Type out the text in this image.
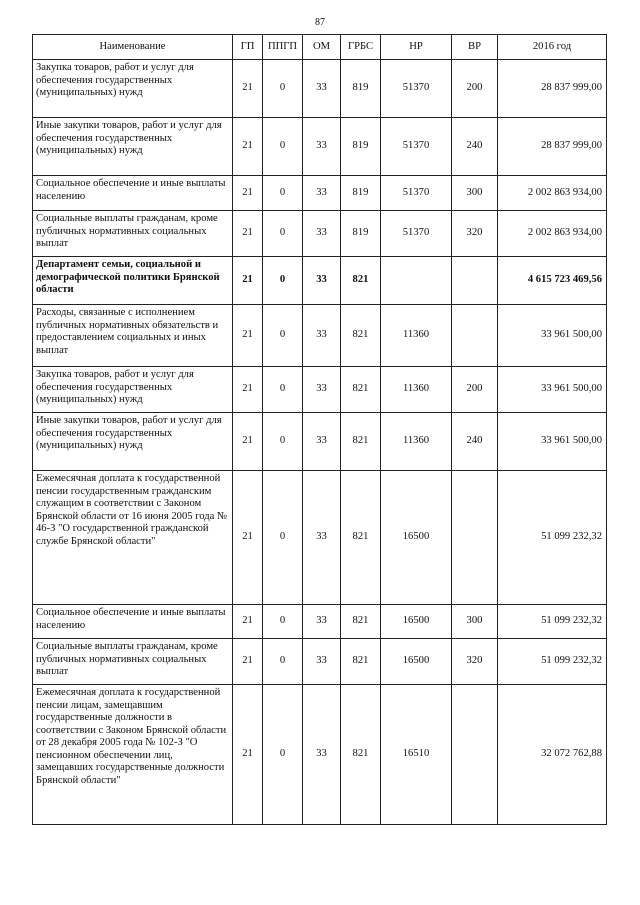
87
Наименование	ГП	ППГП	ОМ	ГРБС	НР	ВР	2016 год
Закупка товаров, работ и услуг для обеспечения государственных (муниципальных) нужд	21	0	33	819	51370	200	28 837 999,00
Иные закупки товаров, работ и услуг для обеспечения государственных (муниципальных) нужд	21	0	33	819	51370	240	28 837 999,00
Социальное обеспечение и иные выплаты населению	21	0	33	819	51370	300	2 002 863 934,00
Социальные выплаты гражданам, кроме публичных нормативных социальных выплат	21	0	33	819	51370	320	2 002 863 934,00
Департамент семьи, социальной и демографической политики Брянской области	21	0	33	821			4 615 723 469,56
Расходы, связанные с исполнением публичных нормативных обязательств и предоставлением социальных и иных выплат	21	0	33	821	11360		33 961 500,00
Закупка товаров, работ и услуг для обеспечения государственных (муниципальных) нужд	21	0	33	821	11360	200	33 961 500,00
Иные закупки товаров, работ и услуг для обеспечения государственных (муниципальных) нужд	21	0	33	821	11360	240	33 961 500,00
Ежемесячная доплата к государственной пенсии государственным гражданским служащим в соответствии с Законом Брянской области от 16 июня 2005 года № 46-З "О государственной гражданской службе Брянской области"	21	0	33	821	16500		51 099 232,32
Социальное обеспечение и иные выплаты населению	21	0	33	821	16500	300	51 099 232,32
Социальные выплаты гражданам, кроме публичных нормативных социальных выплат	21	0	33	821	16500	320	51 099 232,32
Ежемесячная доплата к государственной пенсии лицам, замещавшим государственные должности в соответствии с Законом Брянской области от 28 декабря 2005 года № 102-З "О пенсионном обеспечении лиц, замещавших государственные должности Брянской области"	21	0	33	821	16510		32 072 762,88
